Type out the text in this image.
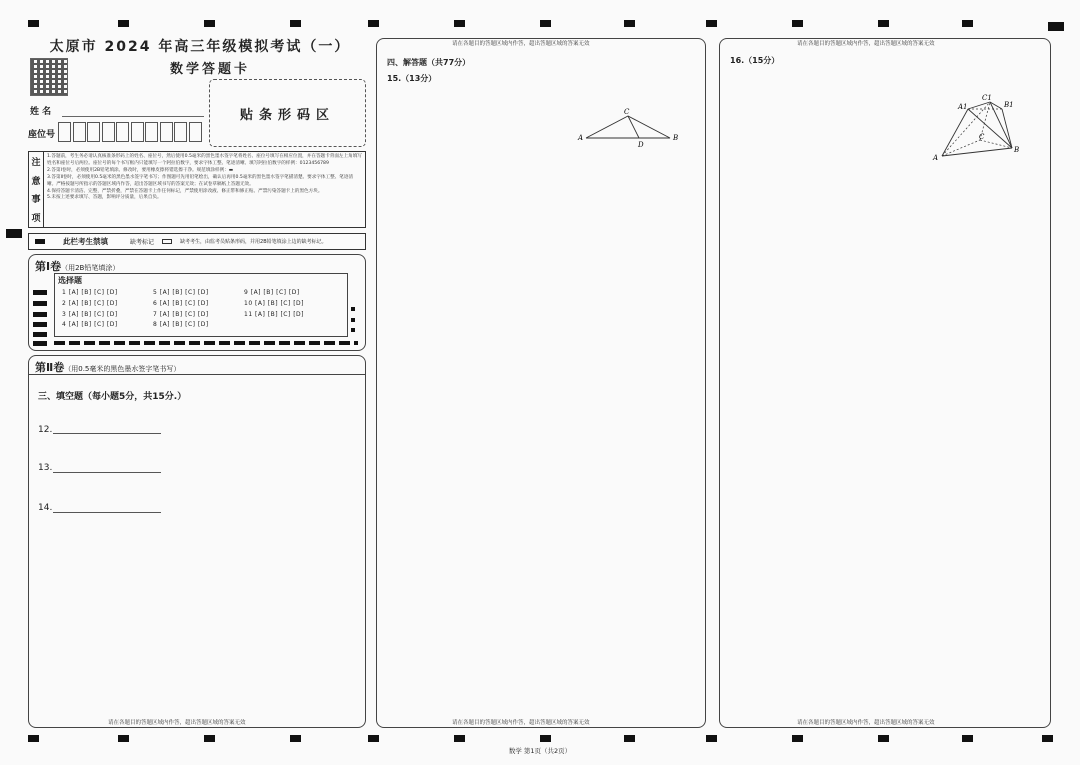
太原市 2024 年高三年级模拟考试（一）
数学答题卡
姓 名
座位号
贴条形码区
注
意
事
项
1.答题前，考生务必请认真核准条形码上的姓名、座位号，然后使用0.5毫米的黑色墨水签字笔将姓名、座位号填写在相应位置，并在答题卡背面左上角填写姓名和座位号后两位。座位号的每个书写框内只能填写一个阿拉伯数字，要求字体工整、笔迹清晰。填写阿拉伯数字的样例：0123456789
2.答第Ⅰ卷时，必须使用2B铅笔填涂。修改时，要用橡皮擦将错选擦干净。规范填涂样例：▬
3.答第Ⅱ卷时，必须使用0.5毫米的黑色墨水签字笔书写；作图题可先用铅笔绘出，确认后再用0.5毫米的黑色墨水签字笔描清楚。要求字体工整、笔迹清晰。严格按题号所指示的答题区域内作答，超出答题区域书写的答案无效；在试卷草稿纸上答题无效。
4.保持答题卡清洁、完整，严禁折叠，严禁在答题卡上作任何标记，严禁使用涂改液、修正带和修正贴。严禁污染答题卡上的黑色方块。
5.未按上述要求填写、答题，影响评分质量，后果自负。
此栏考生禁填	缺考标记	缺考考生，由监考员贴条形码，并用2B铅笔填涂上边的缺考标记。
第Ⅰ卷（用2B铅笔填涂）
选择题
1 [A] [B] [C] [D]
2 [A] [B] [C] [D]
3 [A] [B] [C] [D]
4 [A] [B] [C] [D]
5 [A] [B] [C] [D]
6 [A] [B] [C] [D]
7 [A] [B] [C] [D]
8 [A] [B] [C] [D]
9 [A] [B] [C] [D]
10 [A] [B] [C] [D]
11 [A] [B] [C] [D]
第Ⅱ卷（用0.5毫米的黑色墨水签字笔书写）
三、填空题（每小题5分，共15分.）
12.
13.
14.
请在各题目的答题区域内作答，超出答题区域的答案无效
请在各题目的答题区域内作答，超出答题区域的答案无效
四、解答题（共77分）
15.（13分）
A
C
D
B
请在各题目的答题区域内作答，超出答题区域的答案无效
请在各题目的答题区域内作答，超出答题区域的答案无效
16.（15分）
A1
C1
B1
C
A
B
请在各题目的答题区域内作答，超出答题区域的答案无效
数学 第1页（共2页）
